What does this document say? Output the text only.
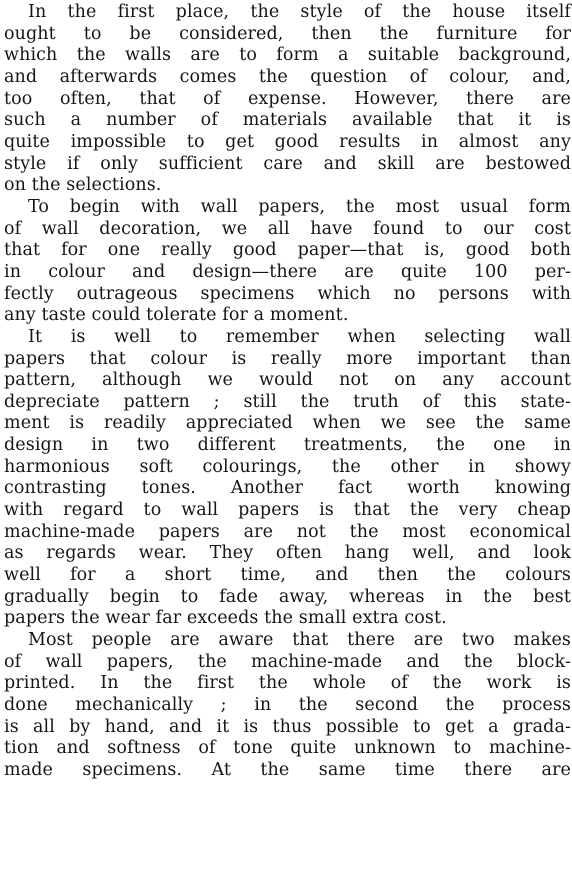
In the first place, the style of the house itself
ought to be considered, then the furniture for
which the walls are to form a suitable background,
and afterwards comes the question of colour, and,
too often, that of expense. However, there are
such a number of materials available that it is
quite impossible to get good results in almost any
style if only sufficient care and skill are bestowed
on the selections.
To begin with wall papers, the most usual form
of wall decoration, we all have found to our cost
that for one really good paper—that is, good both
in colour and design—there are quite 100 per-
fectly outrageous specimens which no persons with
any taste could tolerate for a moment.
It is well to remember when selecting wall
papers that colour is really more important than
pattern, although we would not on any account
depreciate pattern ; still the truth of this state-
ment is readily appreciated when we see the same
design in two different treatments, the one in
harmonious soft colourings, the other in showy
contrasting tones. Another fact worth knowing
with regard to wall papers is that the very cheap
machine-made papers are not the most economical
as regards wear. They often hang well, and look
well for a short time, and then the colours
gradually begin to fade away, whereas in the best
papers the wear far exceeds the small extra cost.
Most people are aware that there are two makes
of wall papers, the machine-made and the block-
printed. In the first the whole of the work is
done mechanically ; in the second the process
is all by hand, and it is thus possible to get a grada-
tion and softness of tone quite unknown to machine-
made specimens. At the same time there are
